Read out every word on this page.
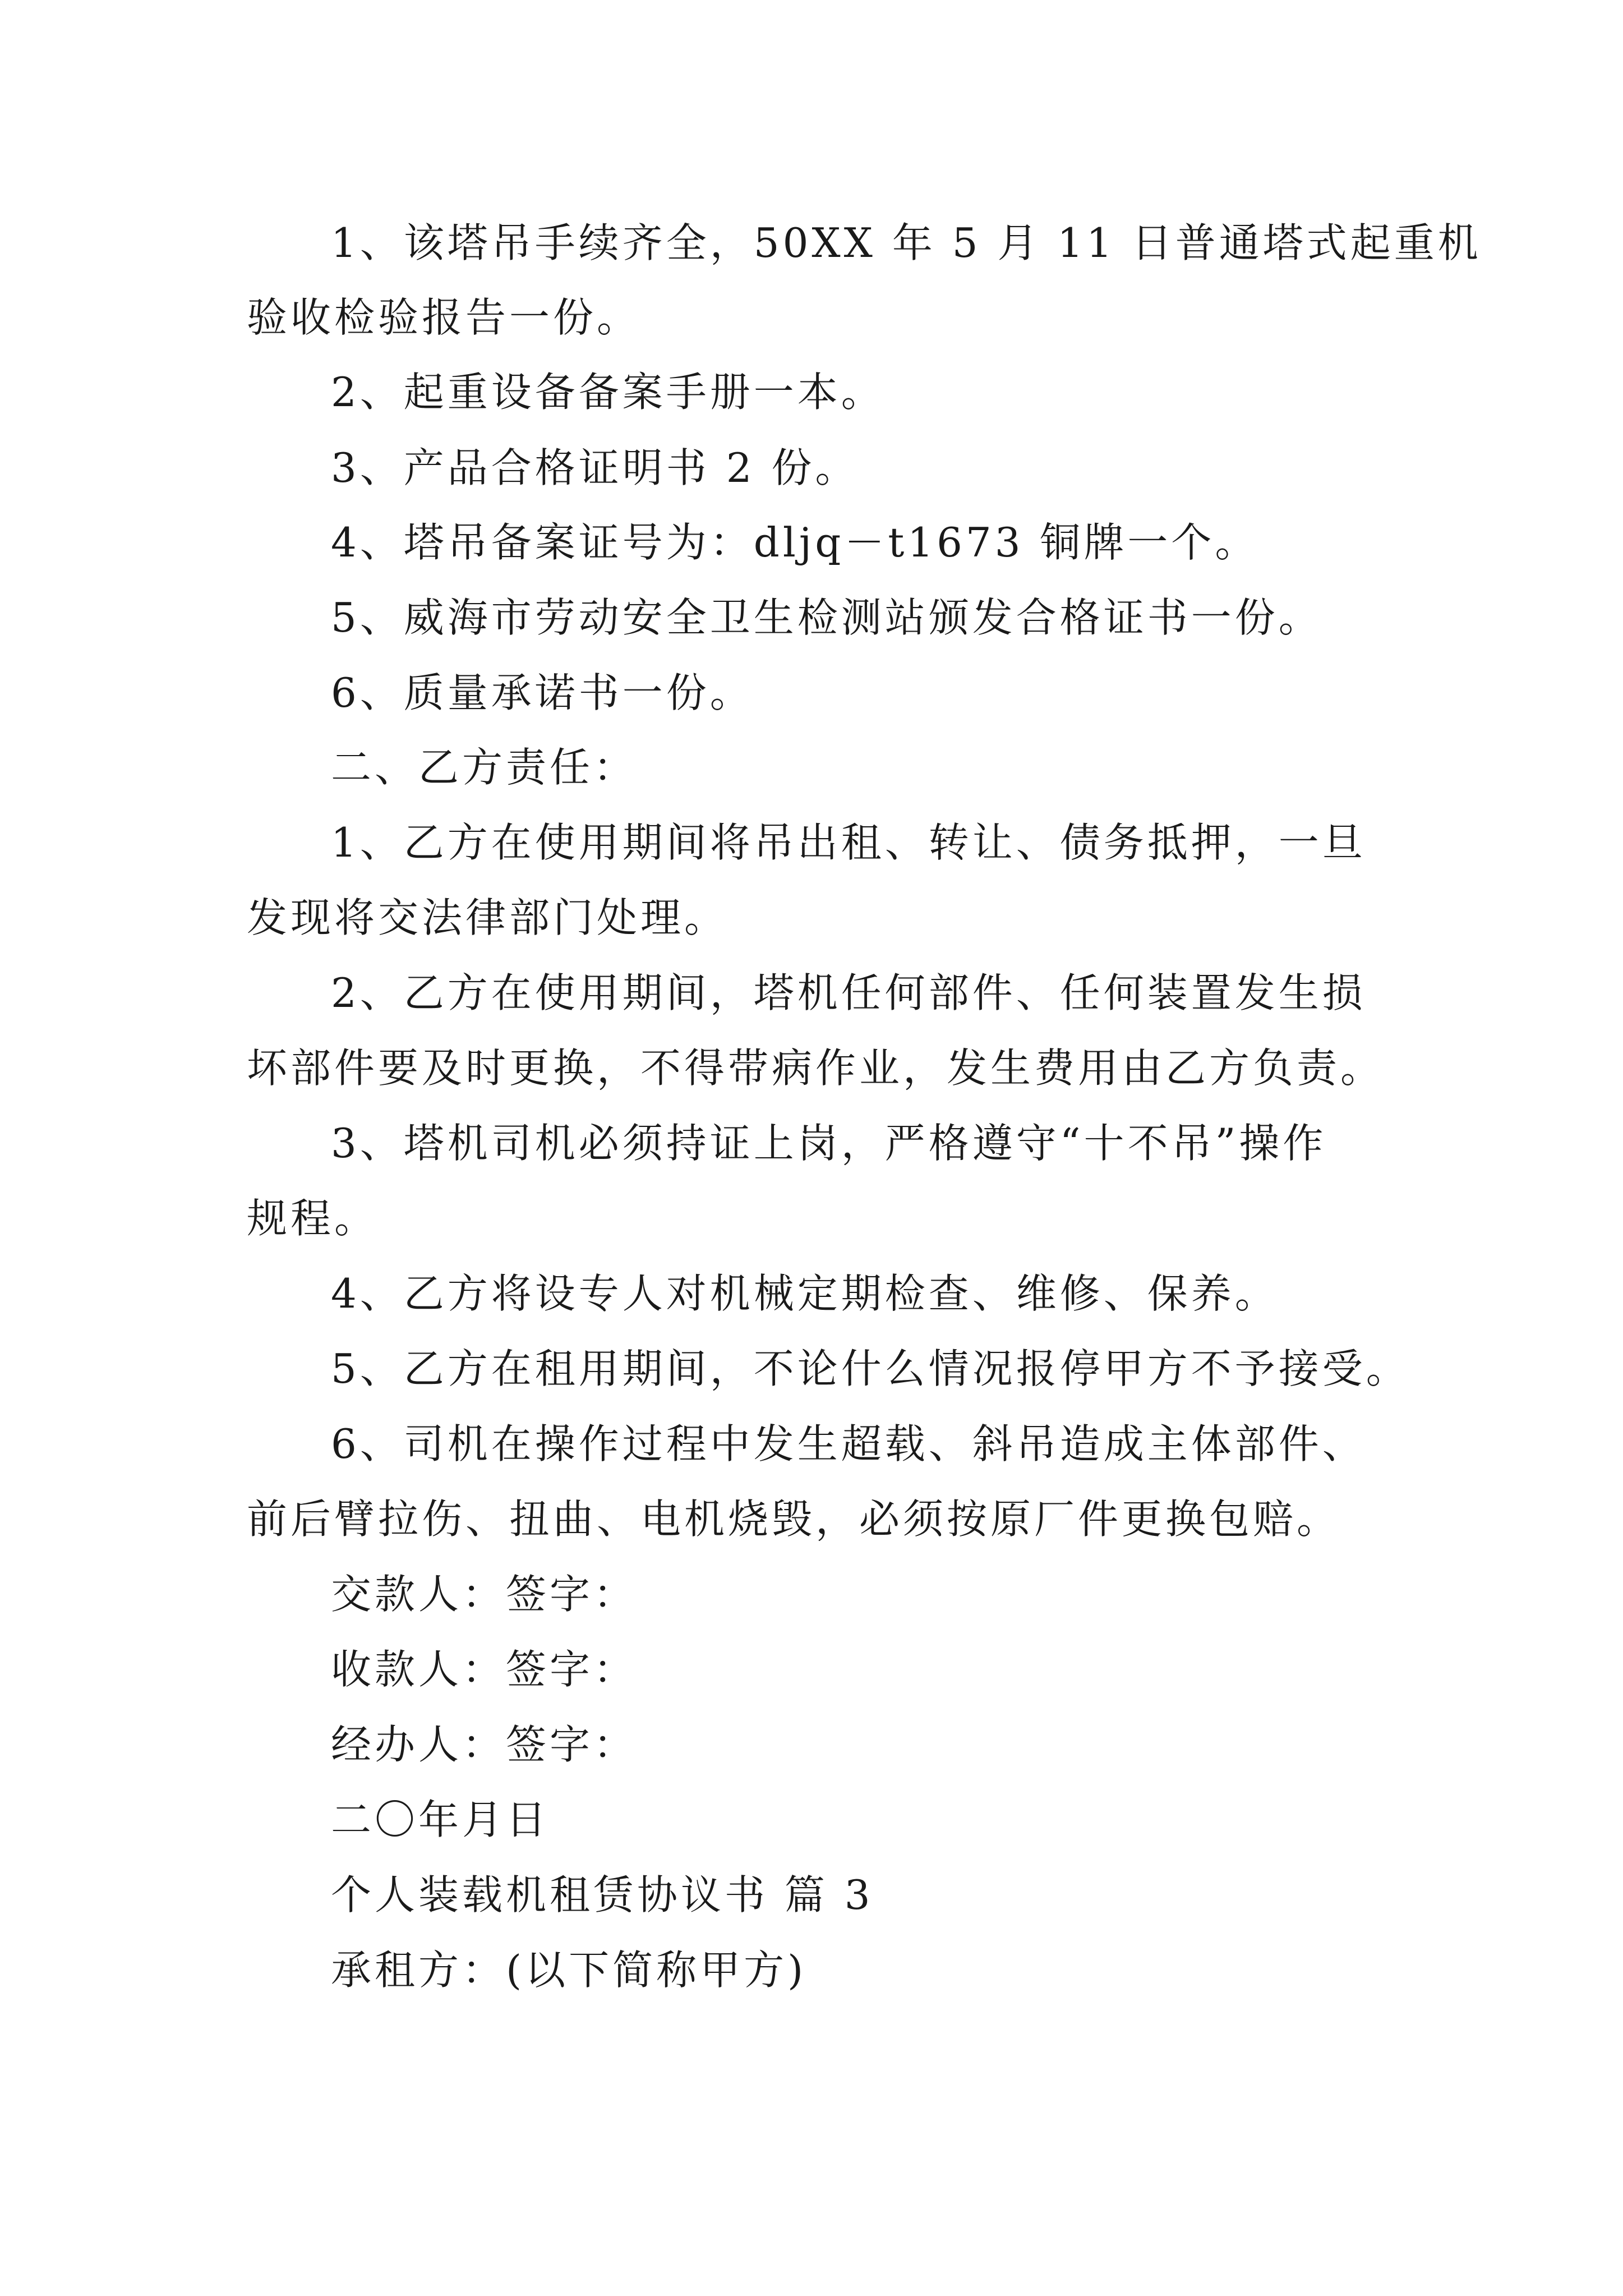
1、该塔吊手续齐全，50XX 年 5 月 11 日普通塔式起重机
验收检验报告一份。
2、起重设备备案手册一本。
3、产品合格证明书 2 份。
4、塔吊备案证号为：dljq－t1673 铜牌一个。
5、威海市劳动安全卫生检测站颁发合格证书一份。
6、质量承诺书一份。
二、乙方责任：
1、乙方在使用期间将吊出租、转让、债务抵押，一旦
发现将交法律部门处理。
2、乙方在使用期间，塔机任何部件、任何装置发生损
坏部件要及时更换，不得带病作业，发生费用由乙方负责。
3、塔机司机必须持证上岗，严格遵守“十不吊”操作
规程。
4、乙方将设专人对机械定期检查、维修、保养。
5、乙方在租用期间，不论什么情况报停甲方不予接受。
6、司机在操作过程中发生超载、斜吊造成主体部件、
前后臂拉伤、扭曲、电机烧毁，必须按原厂件更换包赔。
交款人：签字：
收款人：签字：
经办人：签字：
二〇年月日
个人装载机租赁协议书 篇 3
承租方：(以下简称甲方)
